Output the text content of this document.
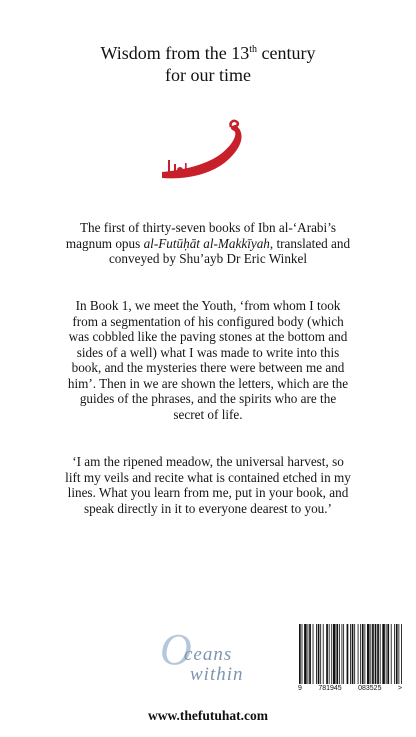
Wisdom from the 13th century
for our time
The first of thirty-seven books of Ibn al-‘Arabi’s magnum opus al-Futūḥāt al-Makkīyah, translated and conveyed by Shu’ayb Dr Eric Winkel
In Book 1, we meet the Youth, ‘from whom I took from a segmentation of his configured body (which was cobbled like the paving stones at the bottom and sides of a well) what I was made to write into this book, and the mysteries there were between me and him’. Then in we are shown the letters, which are the guides of the phrases, and the spirits who are the secret of life.
‘I am the ripened meadow, the universal harvest, so lift my veils and recite what is contained etched in my lines. What you learn from me, put in your book, and speak directly in it to everyone dearest to you.’
O
ceans
within
9 781945 083525 >
www.thefutuhat.com
